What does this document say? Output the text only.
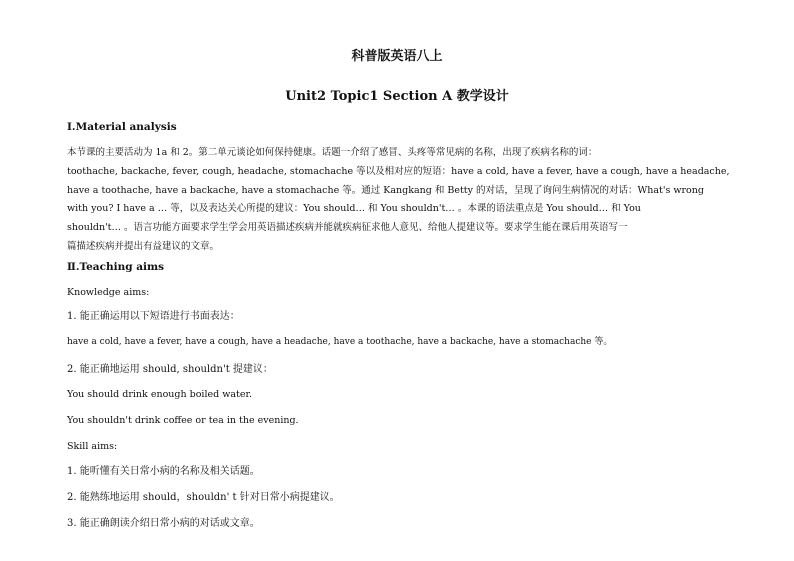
科普版英语八上
Unit2 Topic1 Section A 教学设计
Ⅰ.Material analysis
本节课的主要活动为 1a 和 2。第二单元谈论如何保持健康。话题一介绍了感冒、头疼等常见病的名称，出现了疾病名称的词：
toothache, backache, fever, cough, headache, stomachache 等以及相对应的短语：have a cold, have a fever, have a cough, have a headache,
have a toothache, have a backache, have a stomachache 等。通过 Kangkang 和 Betty 的对话，呈现了询问生病情况的对话：What's wrong
with you? I have a … 等，以及表达关心所提的建议：You should… 和 You shouldn't… 。本课的语法重点是 You should… 和 You
shouldn't… 。语言功能方面要求学生学会用英语描述疾病并能就疾病征求他人意见、给他人提建议等。要求学生能在课后用英语写一
篇描述疾病并提出有益建议的文章。
Ⅱ.Teaching aims
Knowledge aims:
1. 能正确运用以下短语进行书面表达：
have a cold, have a fever, have a cough, have a headache, have a toothache, have a backache, have a stomachache 等。
2. 能正确地运用 should, shouldn't 提建议：
You should drink enough boiled water.
You shouldn't drink coffee or tea in the evening.
Skill aims:
1. 能听懂有关日常小病的名称及相关话题。
2. 能熟练地运用 should，shouldn' t 针对日常小病提建议。
3. 能正确朗读介绍日常小病的对话或文章。
